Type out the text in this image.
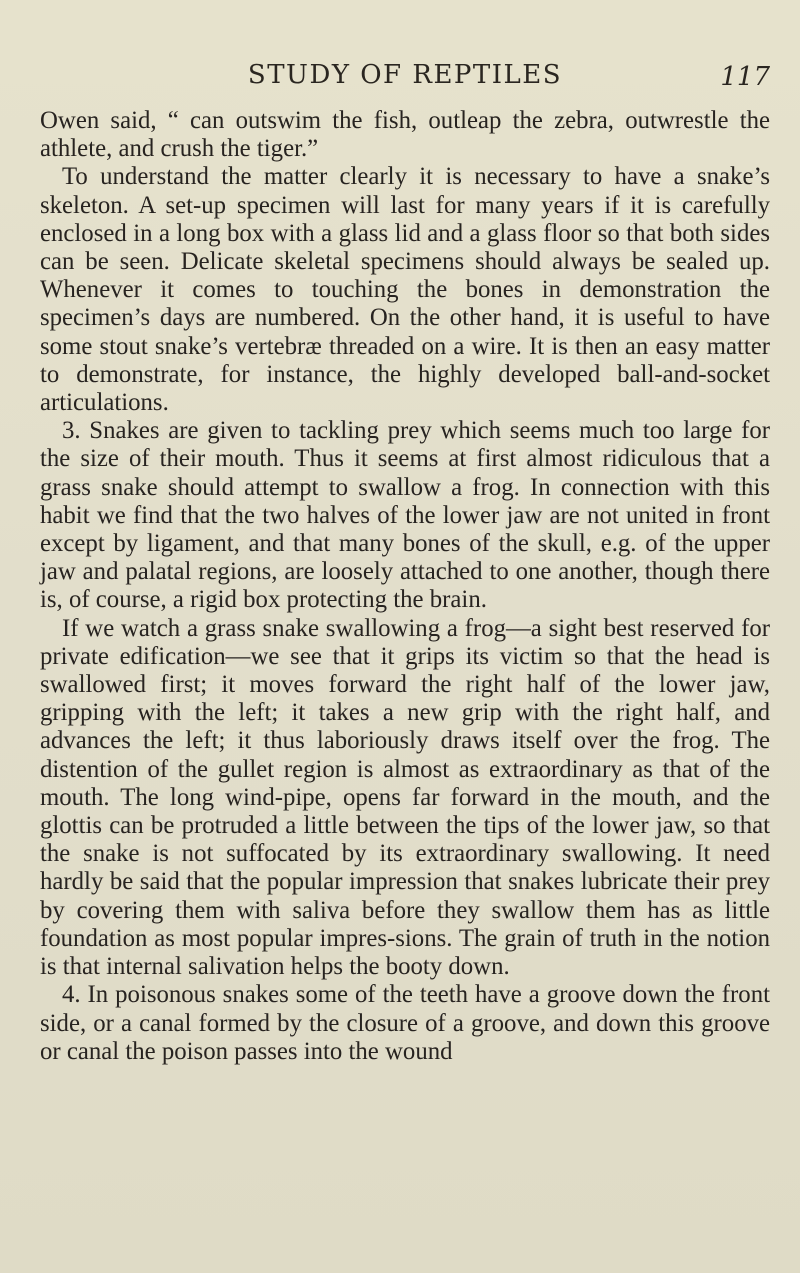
STUDY OF REPTILES	117

Owen said, “ can outswim the fish, outleap the zebra, outwrestle the athlete, and crush the tiger.”

To understand the matter clearly it is necessary to have a snake’s skeleton. A set-up specimen will last for many years if it is carefully enclosed in a long box with a glass lid and a glass floor so that both sides can be seen. Delicate skeletal specimens should always be sealed up. Whenever it comes to touching the bones in demonstration the specimen’s days are numbered. On the other hand, it is useful to have some stout snake’s vertebræ threaded on a wire. It is then an easy matter to demonstrate, for instance, the highly developed ball-and-socket articulations.

3. Snakes are given to tackling prey which seems much too large for the size of their mouth. Thus it seems at first almost ridiculous that a grass snake should attempt to swallow a frog. In connection with this habit we find that the two halves of the lower jaw are not united in front except by ligament, and that many bones of the skull, e.g. of the upper jaw and palatal regions, are loosely attached to one another, though there is, of course, a rigid box protecting the brain.

If we watch a grass snake swallowing a frog—a sight best reserved for private edification—we see that it grips its victim so that the head is swallowed first; it moves forward the right half of the lower jaw, gripping with the left; it takes a new grip with the right half, and advances the left; it thus laboriously draws itself over the frog. The distention of the gullet region is almost as extraordinary as that of the mouth. The long wind-pipe, opens far forward in the mouth, and the glottis can be protruded a little between the tips of the lower jaw, so that the snake is not suffocated by its extraordinary swallowing. It need hardly be said that the popular impression that snakes lubricate their prey by covering them with saliva before they swallow them has as little foundation as most popular impres-sions. The grain of truth in the notion is that internal salivation helps the booty down.

4. In poisonous snakes some of the teeth have a groove down the front side, or a canal formed by the closure of a groove, and down this groove or canal the poison passes into the wound
